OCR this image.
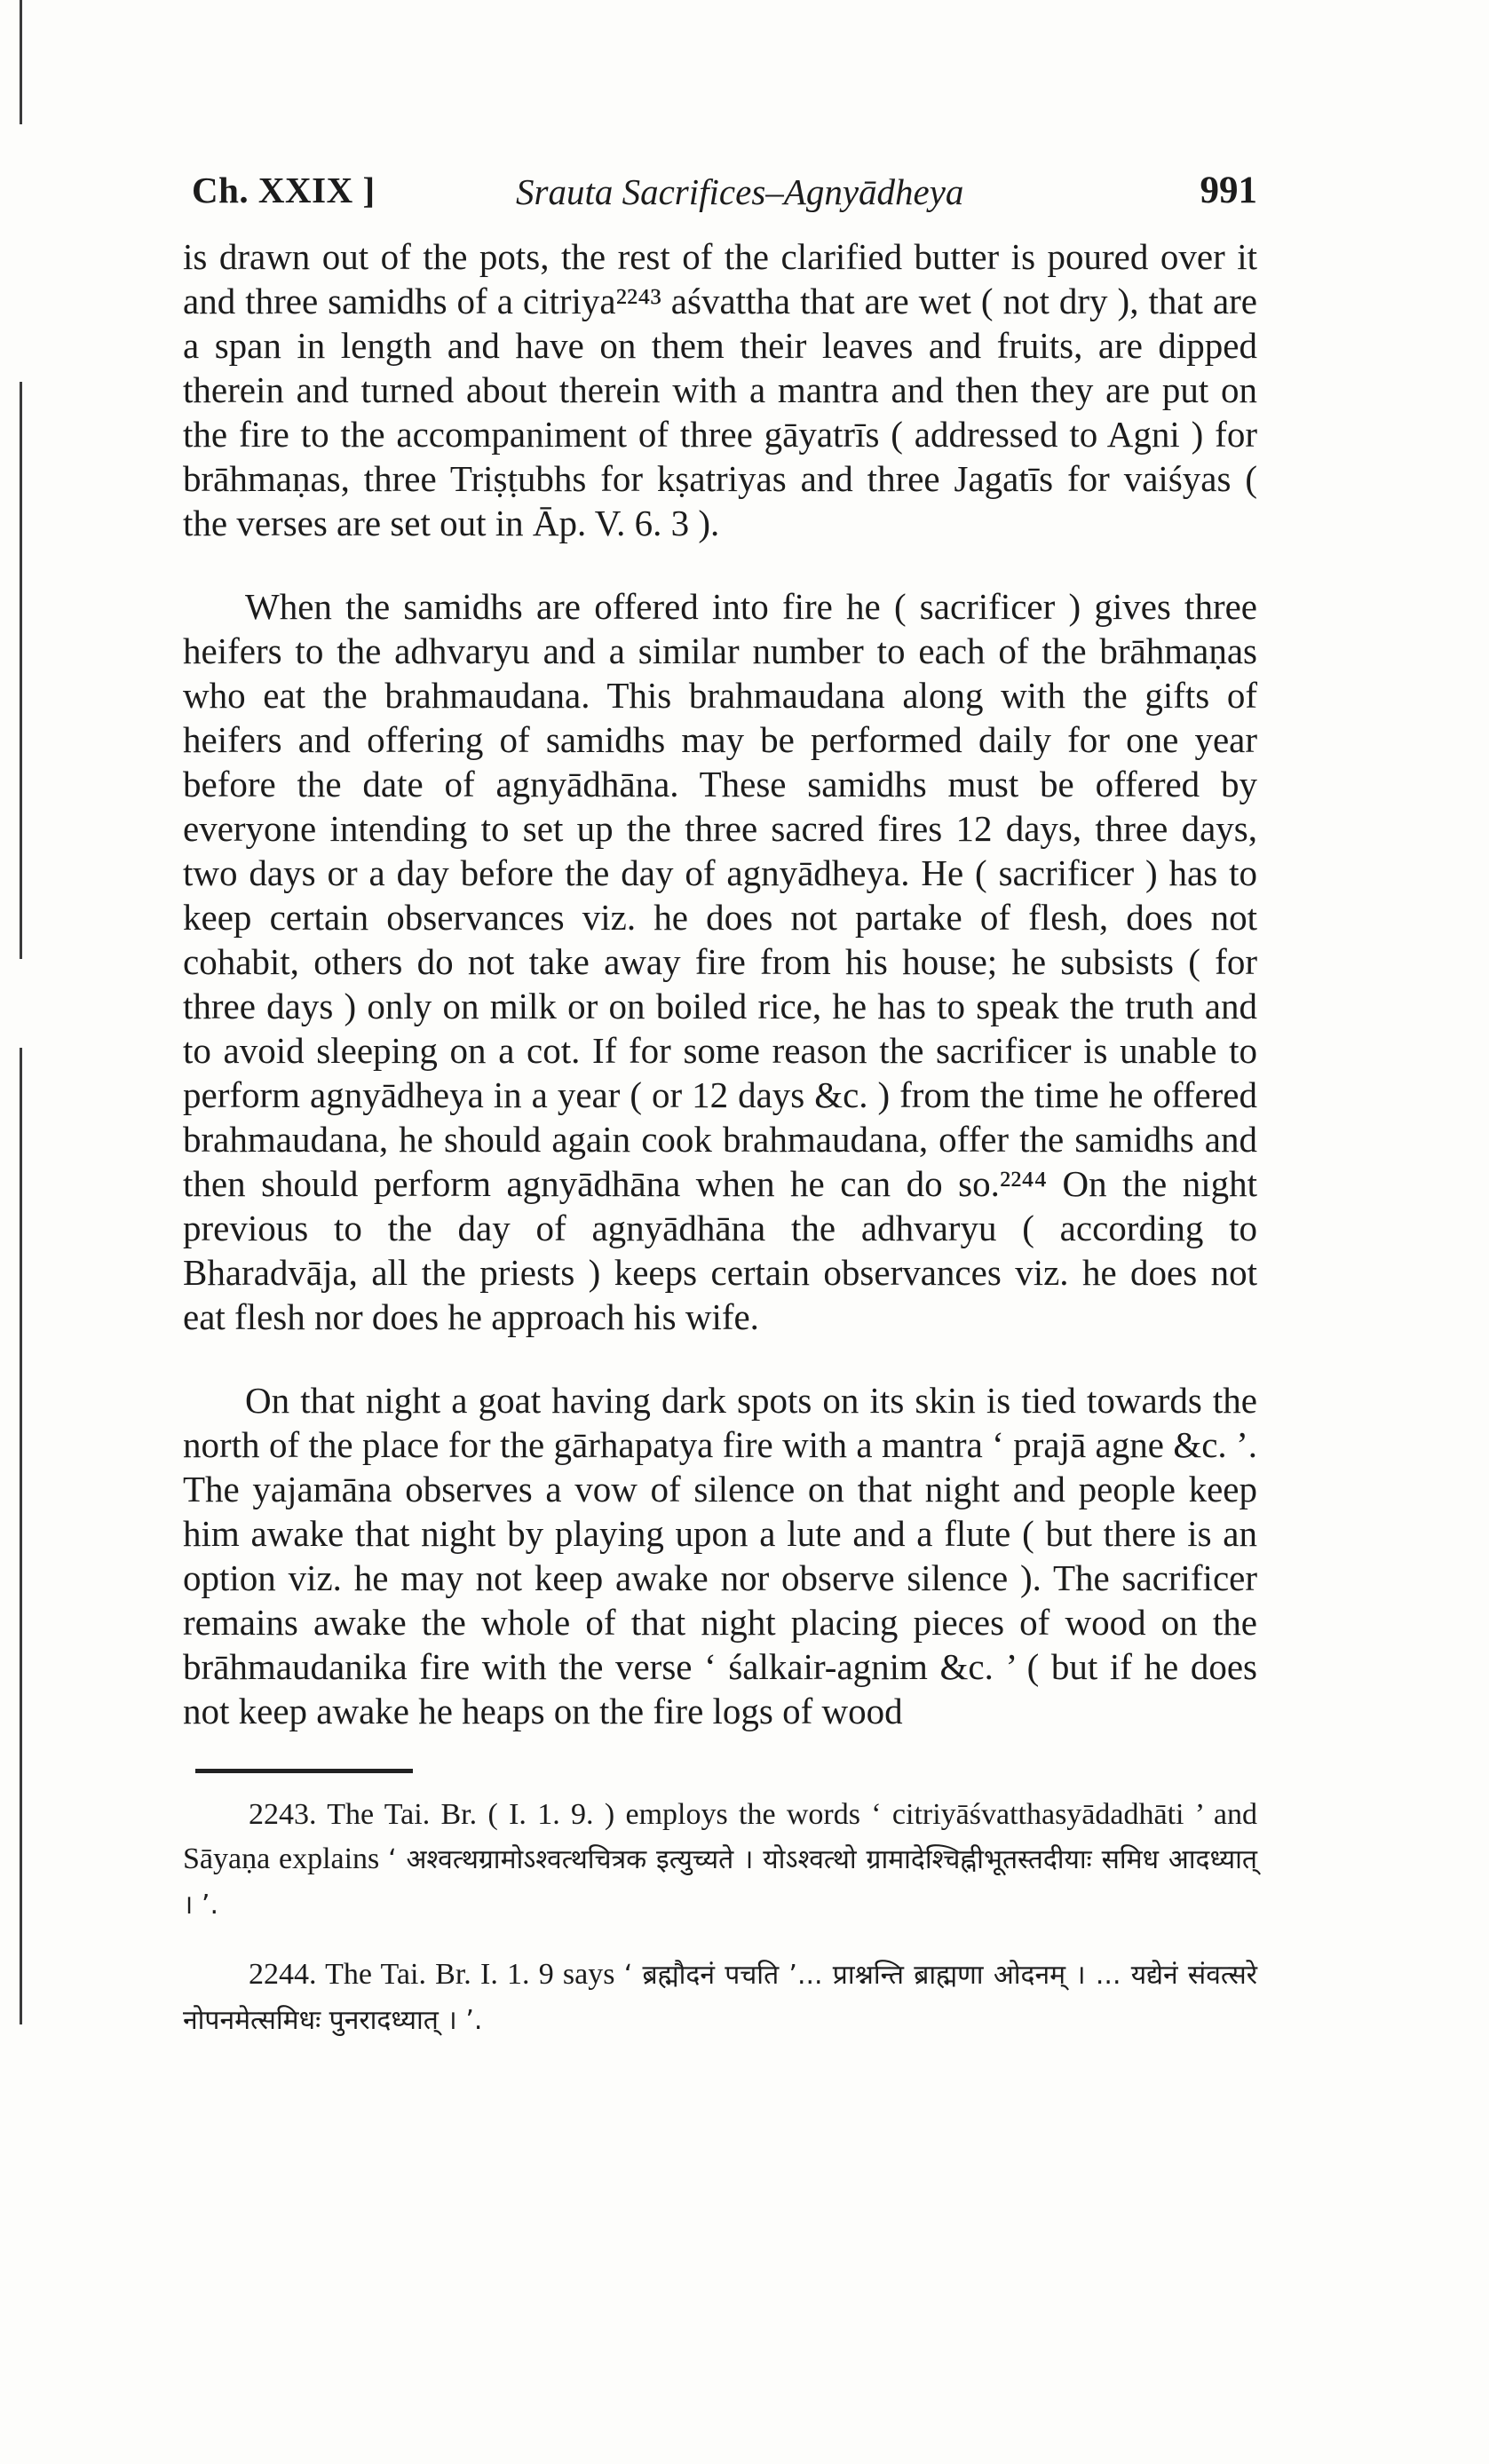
Ch. XXIX ]	Srauta Sacrifices–Agnyādheya	991

is drawn out of the pots, the rest of the clarified butter is poured over it and three samidhs of a citriya²²⁴³ aśvattha that are wet ( not dry ), that are a span in length and have on them their leaves and fruits, are dipped therein and turned about therein with a mantra and then they are put on the fire to the accompaniment of three gāyatrīs ( addressed to Agni ) for brāhmaṇas, three Triṣṭubhs for kṣatriyas and three Jagatīs for vaiśyas ( the verses are set out in Āp. V. 6. 3 ).

When the samidhs are offered into fire he ( sacrificer ) gives three heifers to the adhvaryu and a similar number to each of the brāhmaṇas who eat the brahmaudana. This brahmaudana along with the gifts of heifers and offering of samidhs may be performed daily for one year before the date of agnyādhāna. These samidhs must be offered by everyone intending to set up the three sacred fires 12 days, three days, two days or a day before the day of agnyādheya. He ( sacrificer ) has to keep certain observances viz. he does not partake of flesh, does not cohabit, others do not take away fire from his house; he subsists ( for three days ) only on milk or on boiled rice, he has to speak the truth and to avoid sleeping on a cot. If for some reason the sacrificer is unable to perform agnyādheya in a year ( or 12 days &c. ) from the time he offered brahmaudana, he should again cook brahmaudana, offer the samidhs and then should perform agnyādhāna when he can do so.²²⁴⁴ On the night previous to the day of agnyādhāna the adhvaryu ( according to Bharadvāja, all the priests ) keeps certain observances viz. he does not eat flesh nor does he approach his wife.

On that night a goat having dark spots on its skin is tied towards the north of the place for the gārhapatya fire with a mantra ‘ prajā agne &c. ’. The yajamāna observes a vow of silence on that night and people keep him awake that night by playing upon a lute and a flute ( but there is an option viz. he may not keep awake nor observe silence ). The sacrificer remains awake the whole of that night placing pieces of wood on the brāhmaudanika fire with the verse ‘ śalkair-agnim &c. ’ ( but if he does not keep awake he heaps on the fire logs of wood

2243. The Tai. Br. ( I. 1. 9. ) employs the words ‘ citriyāśvatthasyādadhāti ’ and Sāyaṇa explains ‘ अश्वत्थग्रामोऽश्वत्थचित्रक इत्युच्यते । योऽश्वत्थो ग्रामादेश्चिह्नीभूतस्तदीयाः समिध आदध्यात् । ’.

2244. The Tai. Br. I. 1. 9 says ‘ ब्रह्मौदनं पचति ’... प्राश्नन्ति ब्राह्मणा ओदनम् । ... यद्येनं संवत्सरे नोपनमेत्समिधः पुनरादध्यात् । ’.
